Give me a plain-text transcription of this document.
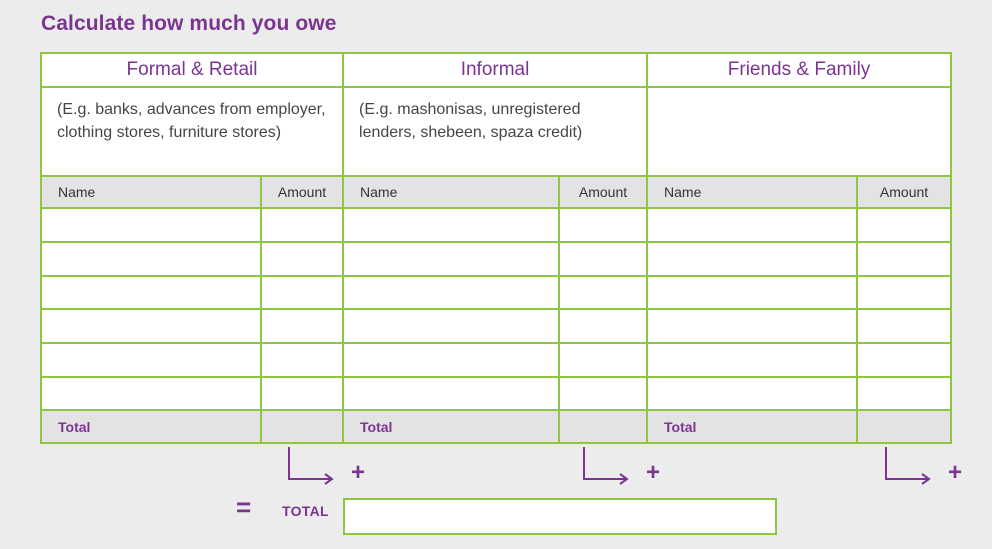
Calculate how much you owe
Formal & Retail		Informal		Friends & Family	

(E.g. banks, advances from employer, clothing stores, furniture stores)		(E.g. mashonisas, unregistered lenders, shebeen, spaza credit)			

Name	Amount	Name	Amount	Name	Amount

Total		Total		Total	
+	+	+
= TOTAL
